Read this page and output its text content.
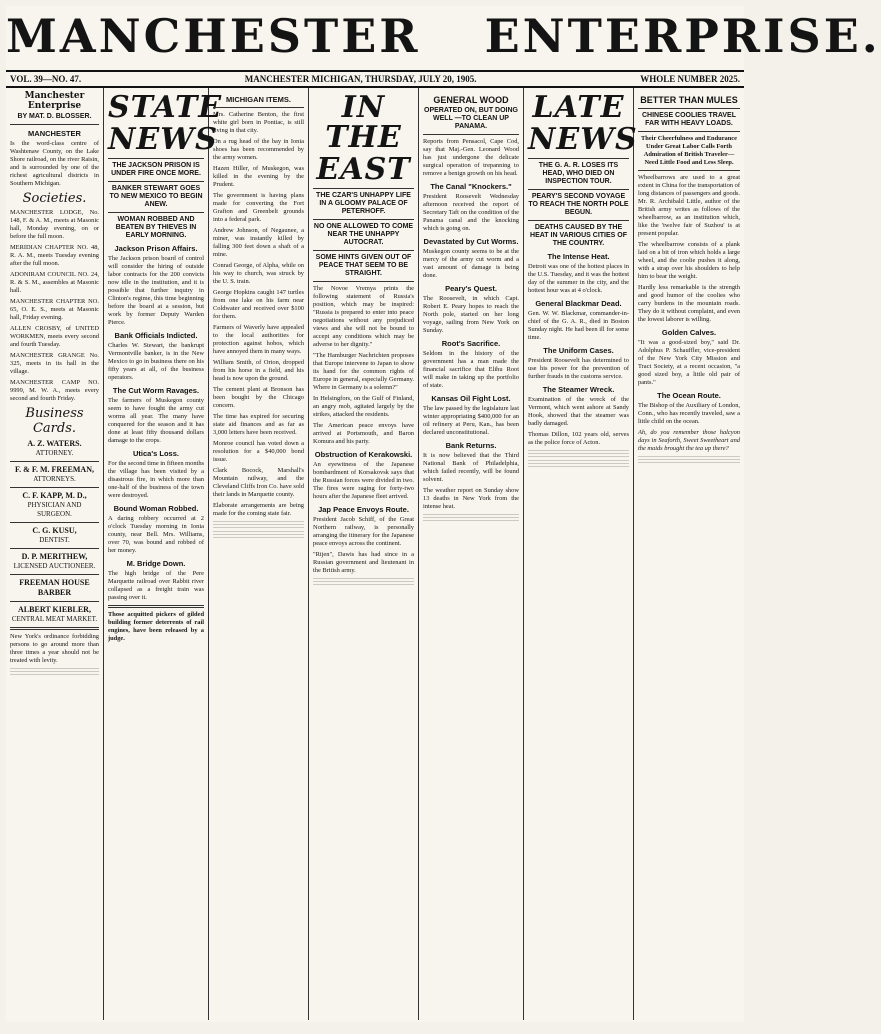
MANCHESTER ENTERPRISE.
VOL. 39—NO. 47.	MANCHESTER MICHIGAN, THURSDAY, JULY 20, 1905.	WHOLE NUMBER 2025.
Manchester Enterprise
BY MAT. D. BLOSSER.
MANCHESTER

Is the word-class centre of Washtenaw County, on the Lake Shore railroad, on the river Raisin, and is surrounded by one of the richest agricultural districts in Southern Michigan.

Societies.

MANCHESTER LODGE, No. 148, F. & A. M., meets at Masonic hall, Monday evening, on or before the full moon.

MERIDIAN CHAPTER NO. 48, R. A. M., meets Tuesday evening after the full moon.

ADONIRAM COUNCIL NO. 24, R. & S. M., assembles at Masonic hall.

MANCHESTER CHAPTER NO. 65, O. E. S., meets at Masonic hall, Friday evening.

ALLEN CROSBY, of UNITED WORKMEN, meets every second and fourth Tuesday.

MANCHESTER GRANGE No. 325, meets in its hall in the village.

MANCHESTER CAMP NO. 9999, M. W. A., meets every second and fourth Friday.

Business Cards.
A. Z. WATERS.
ATTORNEY.
F. & F. M. FREEMAN,
ATTORNEYS.
C. F. KAPP, M. D.,
PHYSICIAN AND SURGEON.
C. G. KUSU,
DENTIST.
D. P. MERITHEW,
LICENSED AUCTIONEER.
FREEMAN HOUSE BARBER
ALBERT KIEBLER,
CENTRAL MEAT MARKET.

New York's ordinance forbidding persons to go around more than three times a year should not be treated with levity.

STATE
NEWS
THE JACKSON PRISON IS UNDER FIRE ONCE MORE.
BANKER STEWART GOES TO NEW MEXICO TO BEGIN ANEW.
WOMAN ROBBED AND BEATEN BY THIEVES IN EARLY MORNING.
Jackson Prison Affairs.

The Jackson prison board of control will consider the hiring of outside labor contracts for the 200 convicts now idle in the institution, and it is possible that further inquiry in Clinton's regime, this time beginning before the board at a session, but work by former Deputy Warden Pierce.

Bank Officials Indicted.

Charles W. Stewart, the bankrupt Vermontville banker, is in the New Mexico to go in business there on his fifty years at all, of the business operators.

The Cut Worm Ravages.

The farmers of Muskegon county seem to have fought the army cut worms all year. The many have conquered for the season and it has done at least fifty thousand dollars damage to the crops.

Utica's Loss.

For the second time in fifteen months the village has been visited by a disastrous fire, in which more than one-half of the business of the town were destroyed.

Bound Woman Robbed.

A daring robbery occurred at 2 o'clock Tuesday morning in Ionia county, near Bell. Mrs. Williams, over 70, was bound and robbed of her money.

M. Bridge Down.

The high bridge of the Pere Marquette railroad over Rabbit river collapsed as a freight train was passing over it.

Those acquitted pickers of gilded building former deterrents of rail engines, have been released by a judge.

MICHIGAN ITEMS.

Mrs. Catherine Benton, the first white girl born in Pontiac, is still living in that city.

On a rug head of the bay in Ionia shoes has been recommended by the army women.

Hazen Hiller, of Muskegon, was killed in the evening by the Prudent.

The government is having plans made for converting the Fort Grafton and Greenbelt grounds into a federal park.

Andrew Johnson, of Negaunee, a miner, was instantly killed by falling 300 feet down a shaft of a mine.

Conrad George, of Alpha, while on his way to church, was struck by the U. S. train.

George Hopkins caught 147 turtles from one lake on his farm near Coldwater and received over $100 for them.

Farmers of Waverly have appealed to the local authorities for protection against hobos, which have annoyed them in many ways.

William Smith, of Orion, dropped from his horse in a field, and his head is now upon the ground.

The cement plant at Bronson has been bought by the Chicago concern.

The time has expired for securing state aid finances and as far as 3,000 letters have been received.

Monroe council has voted down a resolution for a $40,000 bond issue.

Clark Bocock, Marshall's Mountain railway, and the Cleveland Cliffs Iron Co. have sold their lands in Marquette county.

Elaborate arrangements are being made for the coming state fair.

IN THE
EAST
THE CZAR'S UNHAPPY LIFE IN A GLOOMY PALACE OF PETERHOFF.
NO ONE ALLOWED TO COME NEAR THE UNHAPPY AUTOCRAT.
SOME HINTS GIVEN OUT OF PEACE THAT SEEM TO BE STRAIGHT.

The Novoe Vremya prints the following statement of Russia's position, which may be inspired: "Russia is prepared to enter into peace negotiations without any prejudiced views and she will not be bound to accept any conditions which may be adverse to her dignity."

"The Hamburger Nachrichten proposes that Europe intervene to Japan to show its hand for the common rights of Europe in general, especially Germany. Where in Germany is a solemn?"

In Helsingfors, on the Gulf of Finland, an angry mob, agitated largely by the strikes, attacked the residents.

The American peace envoys have arrived at Portsmouth, and Baron Komura and his party.

Obstruction of Kerakowski.

An eyewitness of the Japanese bombardment of Korsakovsk says that the Russian forces were divided in two. The fires were raging for forty-two hours after the Japanese fleet arrived.

Jap Peace Envoys Route.

President Jacob Schiff, of the Great Northern railway, is personally arranging the itinerary for the Japanese peace envoys across the continent.

"Rijen", Dawis has had since in a Russian government and lieutenant in the British army.

GENERAL WOOD
OPERATED ON, BUT DOING WELL —TO CLEAN UP PANAMA.

Reports from Pensacol, Cape Cod, say that Maj.-Gen. Leonard Wood has just undergone the delicate surgical operation of trepanning to remove a benign growth on his head.

The Canal "Knockers."

President Roosevelt Wednesday afternoon received the report of Secretary Taft on the condition of the Panama canal and the knocking which is going on.

Devastated by Cut Worms.

Muskegon county seems to be at the mercy of the army cut worm and a vast amount of damage is being done.

Peary's Quest.

The Roosevelt, in which Capt. Robert E. Peary hopes to reach the North pole, started on her long voyage, sailing from New York on Sunday.

Root's Sacrifice.

Seldom in the history of the government has a man made the financial sacrifice that Elihu Root will make in taking up the portfolio of state.

Kansas Oil Fight Lost.

The law passed by the legislature last winter appropriating $400,000 for an oil refinery at Peru, Kan., has been declared unconstitutional.

Bank Returns.

It is now believed that the Third National Bank of Philadelphia, which failed recently, will be found solvent.

The weather report on Sunday show 13 deaths in New York from the intense heat.

LATE
NEWS
THE G. A. R. LOSES ITS HEAD, WHO DIED ON INSPECTION TOUR.
PEARY'S SECOND VOYAGE TO REACH THE NORTH POLE BEGUN.
DEATHS CAUSED BY THE HEAT IN VARIOUS CITIES OF THE COUNTRY.
The Intense Heat.

Detroit was one of the hottest places in the U.S. Tuesday, and it was the hottest day of the summer in the city, and the hottest hour was at 4 o'clock.

General Blackmar Dead.

Gen. W. W. Blackmar, commander-in-chief of the G. A. R., died in Boston Sunday night. He had been ill for some time.

The Uniform Cases.

President Roosevelt has determined to use his power for the prevention of further frauds in the customs service.

The Steamer Wreck.

Examination of the wreck of the Vermont, which went ashore at Sandy Hook, showed that the steamer was badly damaged.

Thomas Dillon, 102 years old, serves as the police force of Acton.

BETTER THAN MULES
CHINESE COOLIES TRAVEL FAR WITH HEAVY LOADS.

Their Cheerfulness and Endurance Under Great Labor Calls Forth Admiration of British Traveler—Need Little Food and Less Sleep.

Wheelbarrows are used to a great extent in China for the transportation of long distances of passengers and goods. Mr. R. Archibald Little, author of the British army writes as follows of the wheelbarrow, as an institution which, like the 'twelve fair of Suzhou' is at present popular.

The wheelbarrow consists of a plank laid on a bit of iron which holds a large wheel, and the coolie pushes it along, with a strap over his shoulders to help him to bear the weight.

Hardly less remarkable is the strength and good humor of the coolies who carry burdens in the mountain roads. They do it without complaint, and even the lowest laborer is willing.

Golden Calves.

"It was a good-sized boy," said Dr. Adolphus P. Schauffler, vice-president of the New York City Mission and Tract Society, at a recent occasion, "a good sized boy, a little old pair of pants."

The Ocean Route.

The Bishop of the Auxiliary of London, Conn., who has recently traveled, saw a little child on the ocean.

Ah, do you remember those halcyon days in Seaforth, Sweet Sweetheart and the maids brought the tea up there?
